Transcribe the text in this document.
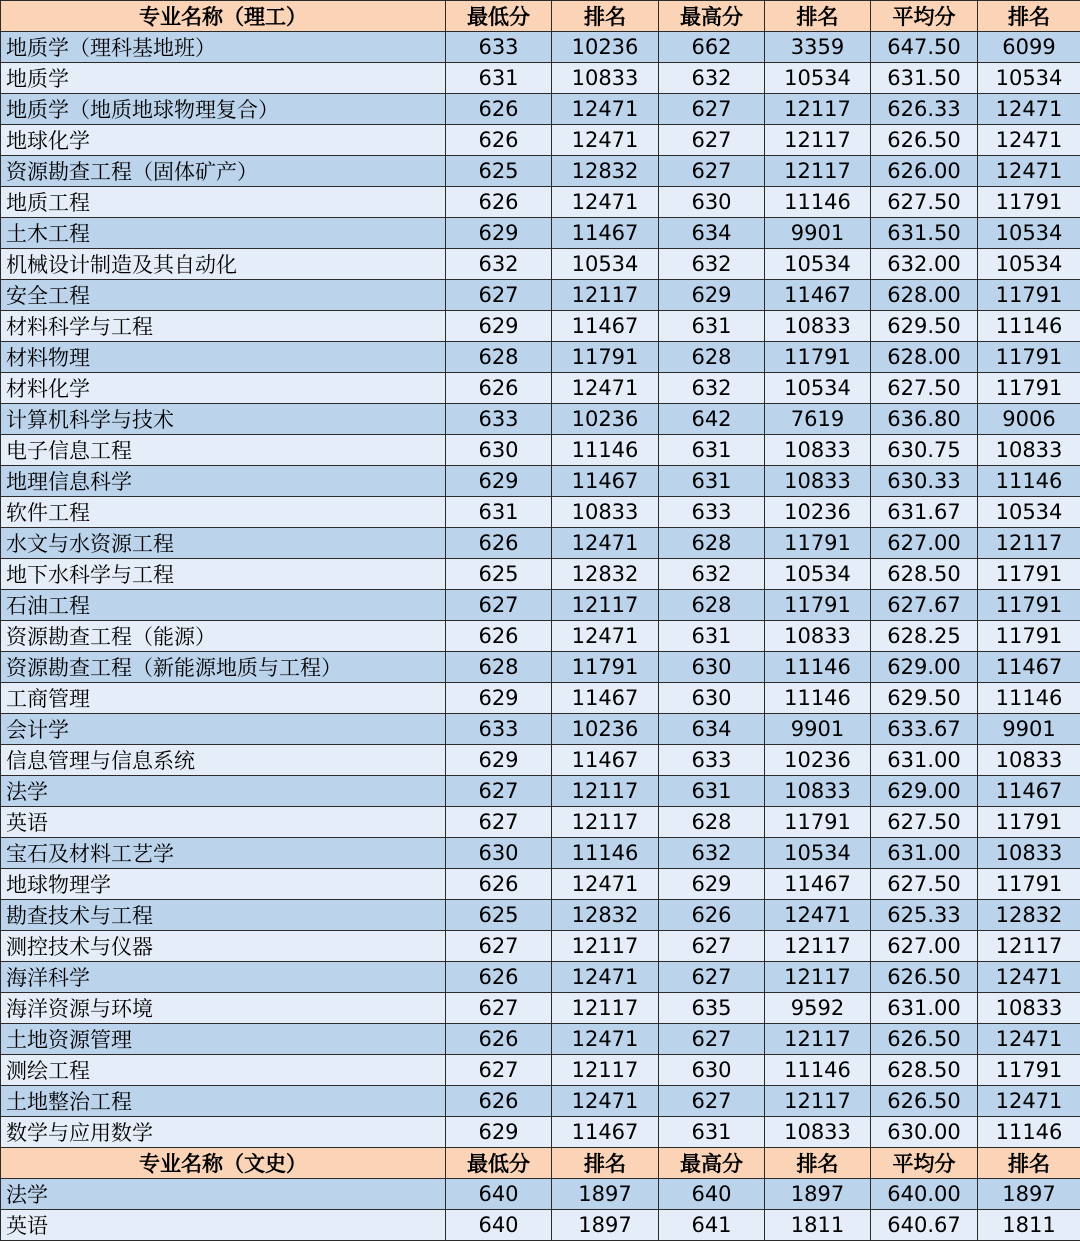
专业名称（理工）	最低分	排名	最高分	排名	平均分	排名
地质学（理科基地班）	633	10236	662	3359	647.50	6099
地质学	631	10833	632	10534	631.50	10534
地质学（地质地球物理复合）	626	12471	627	12117	626.33	12471
地球化学	626	12471	627	12117	626.50	12471
资源勘查工程（固体矿产）	625	12832	627	12117	626.00	12471
地质工程	626	12471	630	11146	627.50	11791
土木工程	629	11467	634	9901	631.50	10534
机械设计制造及其自动化	632	10534	632	10534	632.00	10534
安全工程	627	12117	629	11467	628.00	11791
材料科学与工程	629	11467	631	10833	629.50	11146
材料物理	628	11791	628	11791	628.00	11791
材料化学	626	12471	632	10534	627.50	11791
计算机科学与技术	633	10236	642	7619	636.80	9006
电子信息工程	630	11146	631	10833	630.75	10833
地理信息科学	629	11467	631	10833	630.33	11146
软件工程	631	10833	633	10236	631.67	10534
水文与水资源工程	626	12471	628	11791	627.00	12117
地下水科学与工程	625	12832	632	10534	628.50	11791
石油工程	627	12117	628	11791	627.67	11791
资源勘查工程（能源）	626	12471	631	10833	628.25	11791
资源勘查工程（新能源地质与工程）	628	11791	630	11146	629.00	11467
工商管理	629	11467	630	11146	629.50	11146
会计学	633	10236	634	9901	633.67	9901
信息管理与信息系统	629	11467	633	10236	631.00	10833
法学	627	12117	631	10833	629.00	11467
英语	627	12117	628	11791	627.50	11791
宝石及材料工艺学	630	11146	632	10534	631.00	10833
地球物理学	626	12471	629	11467	627.50	11791
勘查技术与工程	625	12832	626	12471	625.33	12832
测控技术与仪器	627	12117	627	12117	627.00	12117
海洋科学	626	12471	627	12117	626.50	12471
海洋资源与环境	627	12117	635	9592	631.00	10833
土地资源管理	626	12471	627	12117	626.50	12471
测绘工程	627	12117	630	11146	628.50	11791
土地整治工程	626	12471	627	12117	626.50	12471
数学与应用数学	629	11467	631	10833	630.00	11146
专业名称（文史）	最低分	排名	最高分	排名	平均分	排名
法学	640	1897	640	1897	640.00	1897
英语	640	1897	641	1811	640.67	1811
